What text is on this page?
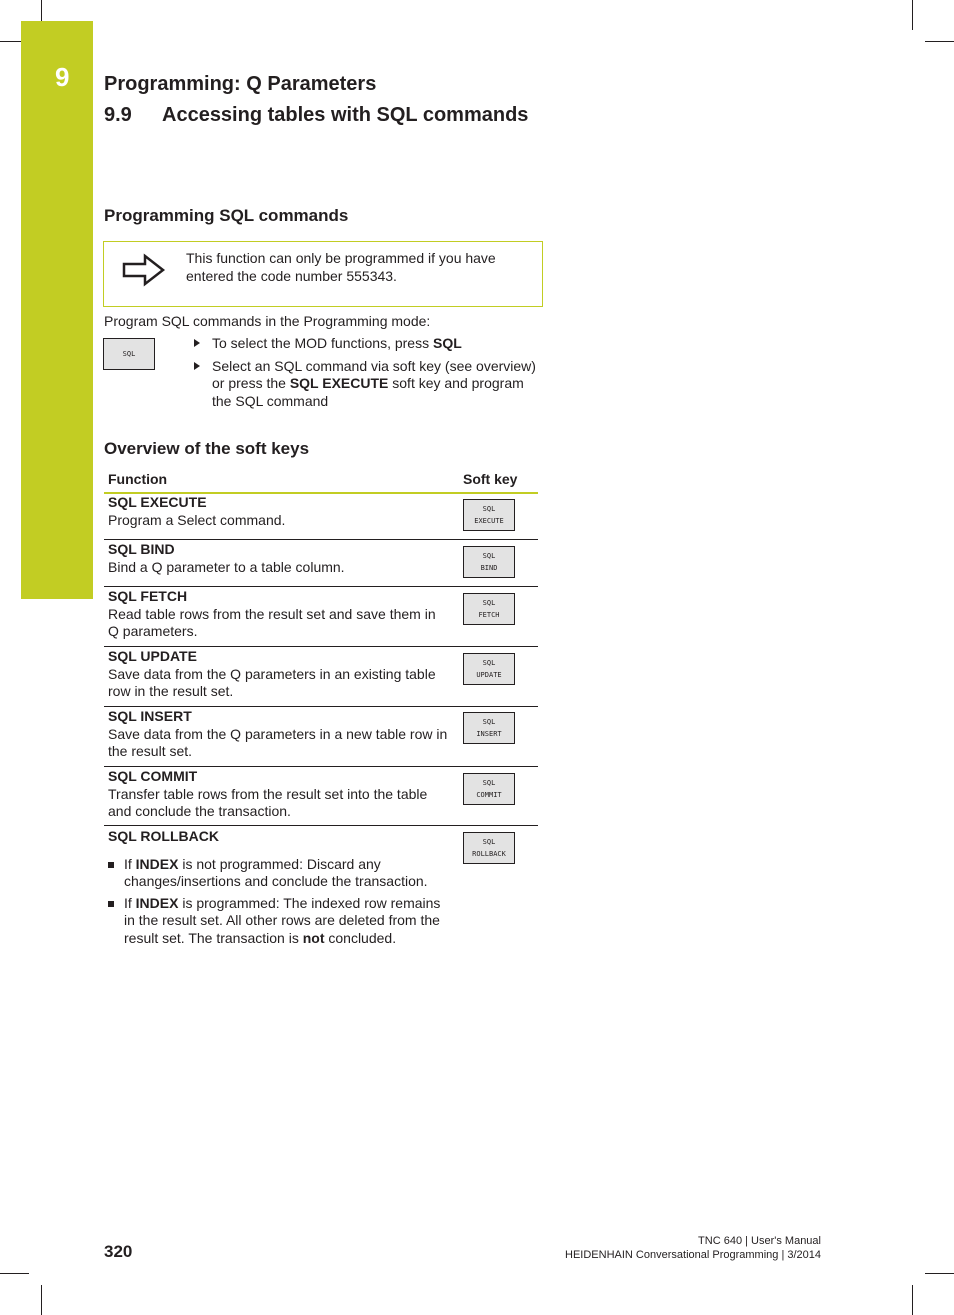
9 Programming: Q Parameters
9.9 Accessing tables with SQL commands
Programming SQL commands
This function can only be programmed if you have entered the code number 555343.
Program SQL commands in the Programming mode:
SQL
To select the MOD functions, press SQL
Select an SQL command via soft key (see overview) or press the SQL EXECUTE soft key and program the SQL command
Overview of the soft keys
Function	Soft key
SQL EXECUTE
Program a Select command.
SQL
EXECUTE
SQL BIND
Bind a Q parameter to a table column.
SQL
BIND
SQL FETCH
Read table rows from the result set and save them in Q parameters.
SQL
FETCH
SQL UPDATE
Save data from the Q parameters in an existing table row in the result set.
SQL
UPDATE
SQL INSERT
Save data from the Q parameters in a new table row in the result set.
SQL
INSERT
SQL COMMIT
Transfer table rows from the result set into the table and conclude the transaction.
SQL
COMMIT
SQL ROLLBACK
If INDEX is not programmed: Discard any changes/insertions and conclude the transaction.
If INDEX is programmed: The indexed row remains in the result set. All other rows are deleted from the result set. The transaction is not concluded.
SQL
ROLLBACK
320
TNC 640 | User's Manual
HEIDENHAIN Conversational Programming | 3/2014
